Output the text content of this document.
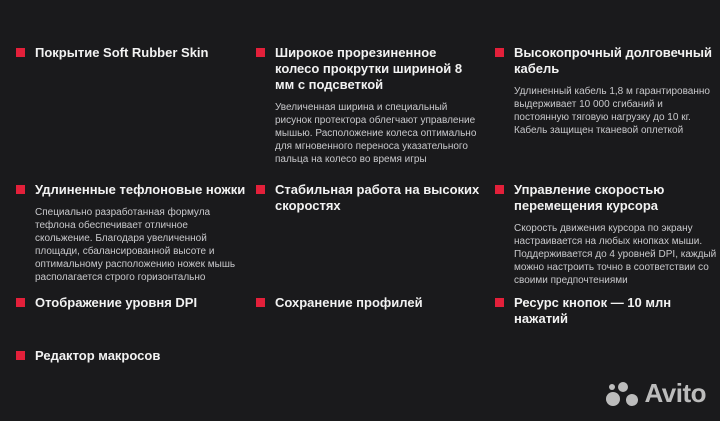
Покрытие Soft Rubber Skin	Широкое прорезиненное колесо прокрутки шириной 8 мм с подсветкой
Увеличенная ширина и специальный рисунок протектора облегчают управление мышью. Расположение колеса оптимально для мгновенного переноса указательного пальца на колесо во время игры
Высокопрочный долговечный кабель
Удлиненный кабель 1,8 м гарантированно выдерживает 10 000 сгибаний и постоянную тяговую нагрузку до 10 кг. Кабель защищен тканевой оплеткой
Удлиненные тефлоновые ножки
Специально разработанная формула тефлона обеспечивает отличное скольжение. Благодаря увеличенной площади, сбалансированной высоте и оптимальному расположению ножек мышь располагается строго горизонтально
Стабильная работа на высоких скоростях
Управление скоростью перемещения курсора
Скорость движения курсора по экрану настраивается на любых кнопках мыши. Поддерживается до 4 уровней DPI, каждый можно настроить точно в соответствии со своими предпочтениями
Отображение уровня DPI	Сохранение профилей	Ресурс кнопок — 10 млн нажатий
Редактор макросов
Avito
